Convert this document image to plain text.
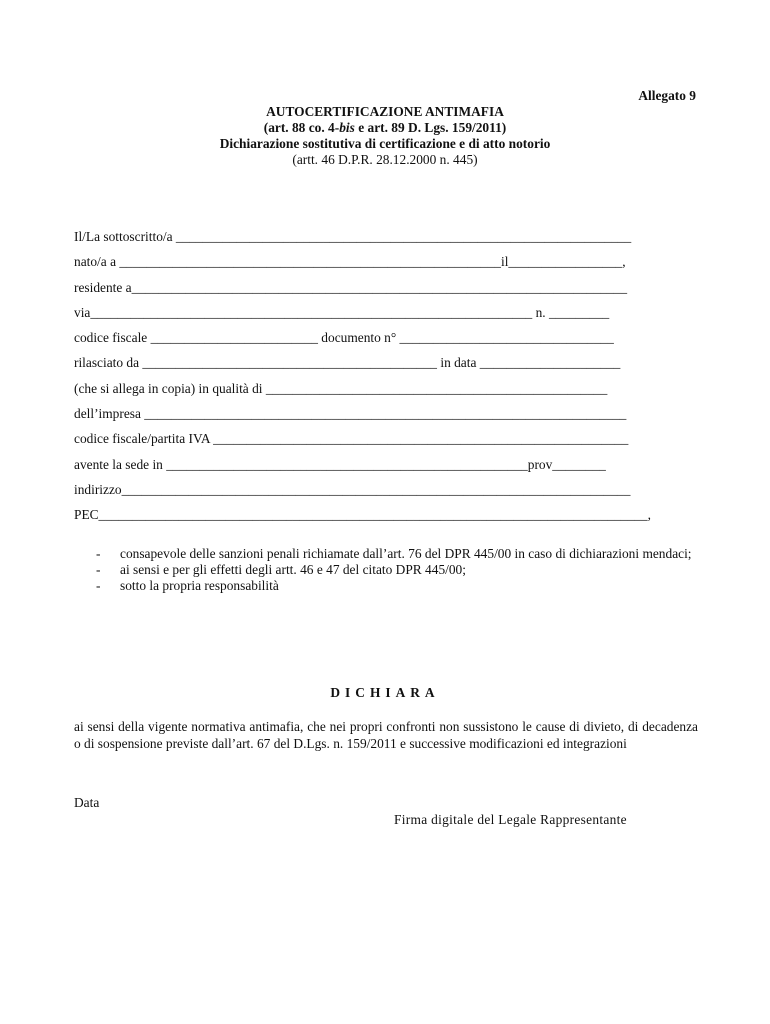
Allegato 9
AUTOCERTIFICAZIONE ANTIMAFIA
(art. 88 co. 4-bis e art. 89 D. Lgs. 159/2011)
Dichiarazione sostitutiva di certificazione e di atto notorio
(artt. 46 D.P.R. 28.12.2000 n. 445)
Il/La sottoscritto/a ____________________________________________________________________
nato/a a _________________________________________________________il_________________,
residente a__________________________________________________________________________
via__________________________________________________________________ n. _________
codice fiscale _________________________ documento n° ________________________________
rilasciato da ____________________________________________ in data _____________________
(che si allega in copia) in qualità di ___________________________________________________
dell’impresa ________________________________________________________________________
codice fiscale/partita IVA ______________________________________________________________
avente la sede in ______________________________________________________prov________
indirizzo____________________________________________________________________________
PEC__________________________________________________________________________________,
- consapevole delle sanzioni penali richiamate dall’art. 76 del DPR 445/00 in caso di dichiarazioni mendaci;
- ai sensi e per gli effetti degli artt. 46 e 47 del citato DPR 445/00;
- sotto la propria responsabilità
DICHIARA
ai sensi della vigente normativa antimafia, che nei propri confronti non sussistono le cause di divieto, di decadenza o di sospensione previste dall’art. 67 del D.Lgs. n. 159/2011 e successive modificazioni ed integrazioni
Data
Firma digitale del Legale Rappresentante
